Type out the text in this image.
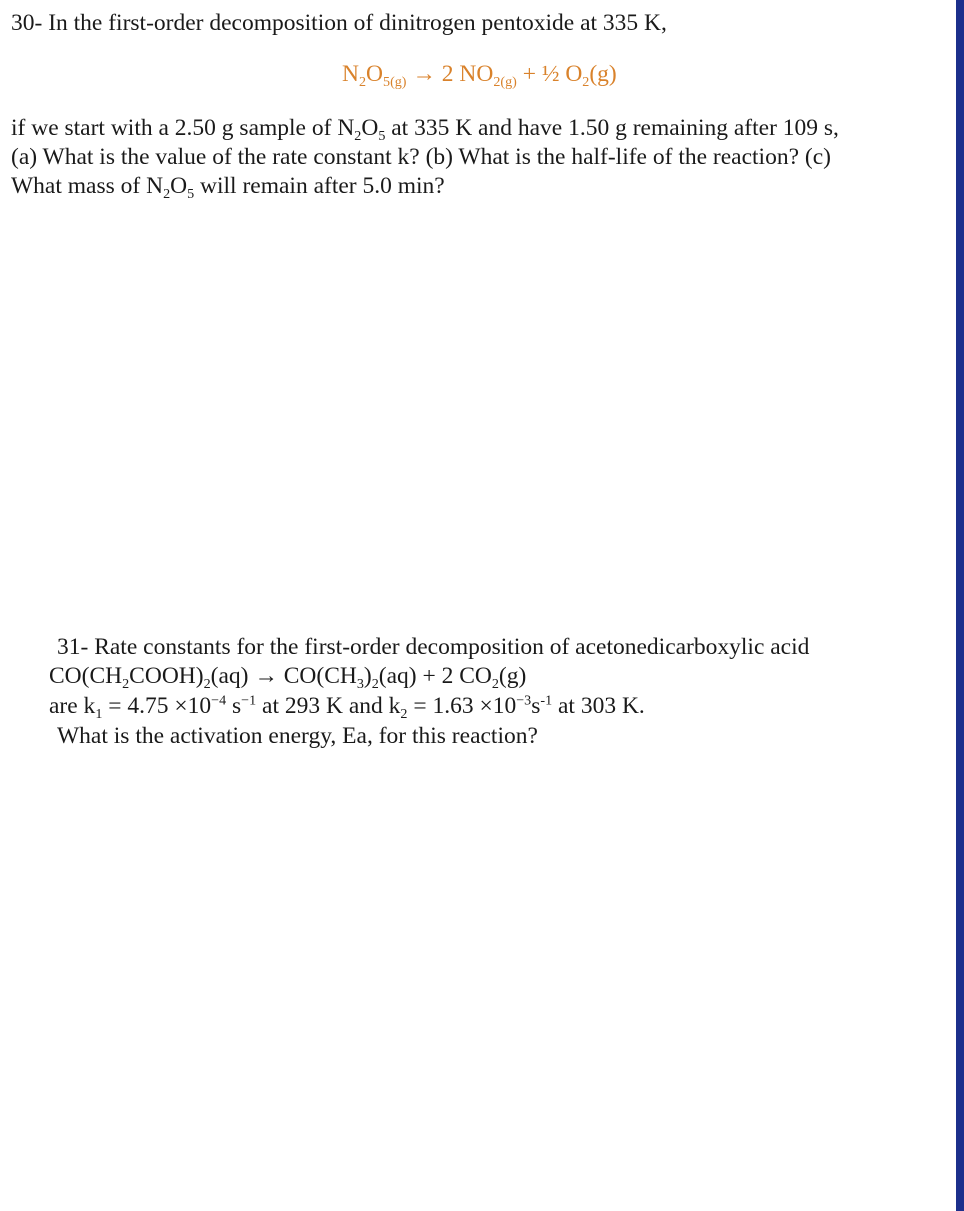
30- In the first-order decomposition of dinitrogen pentoxide at 335 K,
$N_2O_{5(g)} \to 2$ $NO_{2(g)}$ + ½ $O_2(g)$
if we start with a 2.50 g sample of $N_2O_5$ at 335 K and have 1.50 g remaining after 109 s,
(a) What is the value of the rate constant k? (b) What is the half-life of the reaction? (c)
What mass of $N_2O_5$ will remain after 5.0 min?
31- Rate constants for the first-order decomposition of acetonedicarboxylic acid
$CO(CH_2COOH)_2(aq) \to CO(CH_3)_2(aq) + 2$ $CO_2(g)$
are $k_1 = 4.75 \times 10^{-4}$ $s^{-1}$ at 293 K and $k_2 = 1.63 \times 10^{-3}s^{-1}$ at 303 K.
What is the activation energy, Ea, for this reaction?
